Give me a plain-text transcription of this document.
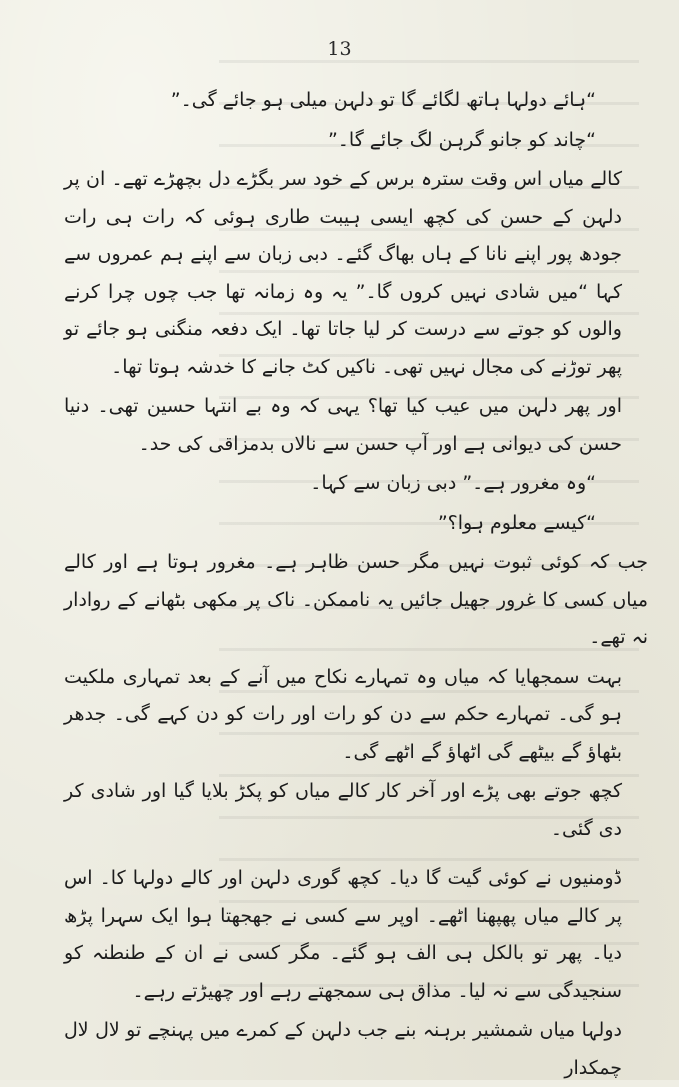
13

“ہائے دولہا ہاتھ لگائے گا تو دلہن میلی ہو جائے گی۔”

“چاند کو جانو گرہن لگ جائے گا۔”

کالے میاں اس وقت سترہ برس کے خود سر بگڑے دل بچھڑے تھے۔ ان پر دلہن کے حسن کی کچھ ایسی ہیبت طاری ہوئی کہ رات ہی رات جودھ پور اپنے نانا کے ہاں بھاگ گئے۔ دبی زبان سے اپنے ہم عمروں سے کہا “میں شادی نہیں کروں گا۔” یہ وہ زمانہ تھا جب چوں چرا کرنے والوں کو جوتے سے درست کر لیا جاتا تھا۔ ایک دفعہ منگنی ہو جائے تو پھر توڑنے کی مجال نہیں تھی۔ ناکیں کٹ جانے کا خدشہ ہوتا تھا۔

اور پھر دلہن میں عیب کیا تھا؟ یہی کہ وہ بے انتہا حسین تھی۔ دنیا حسن کی دیوانی ہے اور آپ حسن سے نالاں بدمزاقی کی حد۔

“وہ مغرور ہے۔” دبی زبان سے کہا۔

“کیسے معلوم ہوا؟”

جب کہ کوئی ثبوت نہیں مگر حسن ظاہر ہے۔ مغرور ہوتا ہے اور کالے میاں کسی کا غرور جھیل جائیں یہ ناممکن۔ ناک پر مکھی بٹھانے کے روادار نہ تھے۔

بہت سمجھایا کہ میاں وہ تمہارے نکاح میں آنے کے بعد تمہاری ملکیت ہو گی۔ تمہارے حکم سے دن کو رات اور رات کو دن کہے گی۔ جدھر بٹھاؤ گے بیٹھے گی اٹھاؤ گے اٹھے گی۔

کچھ جوتے بھی پڑے اور آخر کار کالے میاں کو پکڑ بلایا گیا اور شادی کر دی گئی۔

ڈومنیوں نے کوئی گیت گا دیا۔ کچھ گوری دلہن اور کالے دولہا کا۔ اس پر کالے میاں پھپھنا اٹھے۔ اوپر سے کسی نے جھجھتا ہوا ایک سہرا پڑھ دیا۔ پھر تو بالکل ہی الف ہو گئے۔ مگر کسی نے ان کے طنطنہ کو سنجیدگی سے نہ لیا۔ مذاق ہی سمجھتے رہے اور چھیڑتے رہے۔

دولہا میاں شمشیر برہنہ بنے جب دلہن کے کمرے میں پہنچے تو لال لال چمکدار
